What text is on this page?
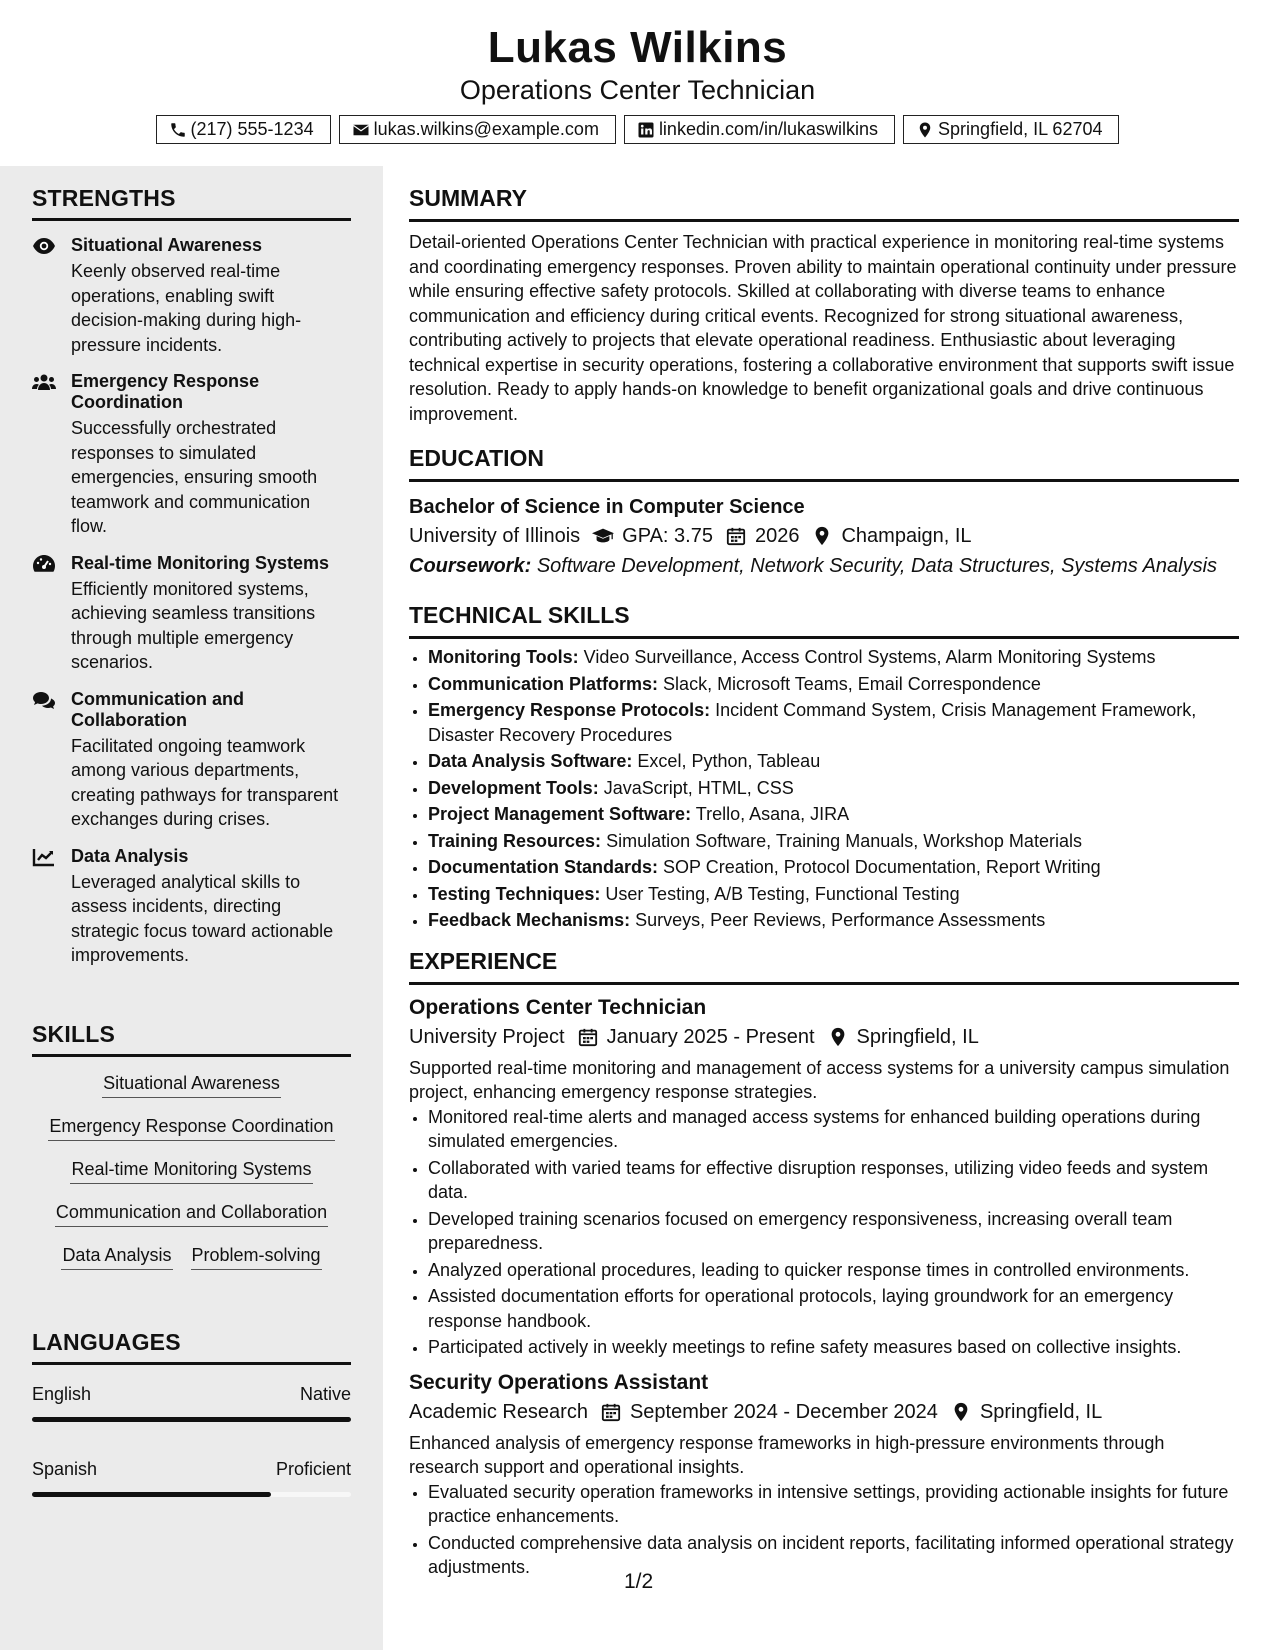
Lukas Wilkins
Operations Center Technician
(217) 555-1234	lukas.wilkins@example.com	linkedin.com/in/lukaswilkins	Springfield, IL 62704
STRENGTHS
Situational Awareness
Keenly observed real-time operations, enabling swift decision-making during high-pressure incidents.
Emergency Response Coordination
Successfully orchestrated responses to simulated emergencies, ensuring smooth teamwork and communication flow.
Real-time Monitoring Systems
Efficiently monitored systems, achieving seamless transitions through multiple emergency scenarios.
Communication and Collaboration
Facilitated ongoing teamwork among various departments, creating pathways for transparent exchanges during crises.
Data Analysis
Leveraged analytical skills to assess incidents, directing strategic focus toward actionable improvements.
SKILLS
Situational Awareness
Emergency Response Coordination
Real-time Monitoring Systems
Communication and Collaboration
Data Analysis Problem-solving
LANGUAGES
English	Native
Spanish	Proficient
SUMMARY
Detail-oriented Operations Center Technician with practical experience in monitoring real-time systems and coordinating emergency responses. Proven ability to maintain operational continuity under pressure while ensuring effective safety protocols. Skilled at collaborating with diverse teams to enhance communication and efficiency during critical events. Recognized for strong situational awareness, contributing actively to projects that elevate operational readiness. Enthusiastic about leveraging technical expertise in security operations, fostering a collaborative environment that supports swift issue resolution. Ready to apply hands-on knowledge to benefit organizational goals and drive continuous improvement.
EDUCATION
Bachelor of Science in Computer Science
University of Illinois GPA: 3.75 2026 Champaign, IL
Coursework: Software Development, Network Security, Data Structures, Systems Analysis
TECHNICAL SKILLS
• Monitoring Tools: Video Surveillance, Access Control Systems, Alarm Monitoring Systems
• Communication Platforms: Slack, Microsoft Teams, Email Correspondence
• Emergency Response Protocols: Incident Command System, Crisis Management Framework, Disaster Recovery Procedures
• Data Analysis Software: Excel, Python, Tableau
• Development Tools: JavaScript, HTML, CSS
• Project Management Software: Trello, Asana, JIRA
• Training Resources: Simulation Software, Training Manuals, Workshop Materials
• Documentation Standards: SOP Creation, Protocol Documentation, Report Writing
• Testing Techniques: User Testing, A/B Testing, Functional Testing
• Feedback Mechanisms: Surveys, Peer Reviews, Performance Assessments
EXPERIENCE
Operations Center Technician
University Project January 2025 - Present Springfield, IL
Supported real-time monitoring and management of access systems for a university campus simulation project, enhancing emergency response strategies.
• Monitored real-time alerts and managed access systems for enhanced building operations during simulated emergencies.
• Collaborated with varied teams for effective disruption responses, utilizing video feeds and system data.
• Developed training scenarios focused on emergency responsiveness, increasing overall team preparedness.
• Analyzed operational procedures, leading to quicker response times in controlled environments.
• Assisted documentation efforts for operational protocols, laying groundwork for an emergency response handbook.
• Participated actively in weekly meetings to refine safety measures based on collective insights.
Security Operations Assistant
Academic Research September 2024 - December 2024 Springfield, IL
Enhanced analysis of emergency response frameworks in high-pressure environments through research support and operational insights.
• Evaluated security operation frameworks in intensive settings, providing actionable insights for future practice enhancements.
• Conducted comprehensive data analysis on incident reports, facilitating informed operational strategy adjustments.
1/2
